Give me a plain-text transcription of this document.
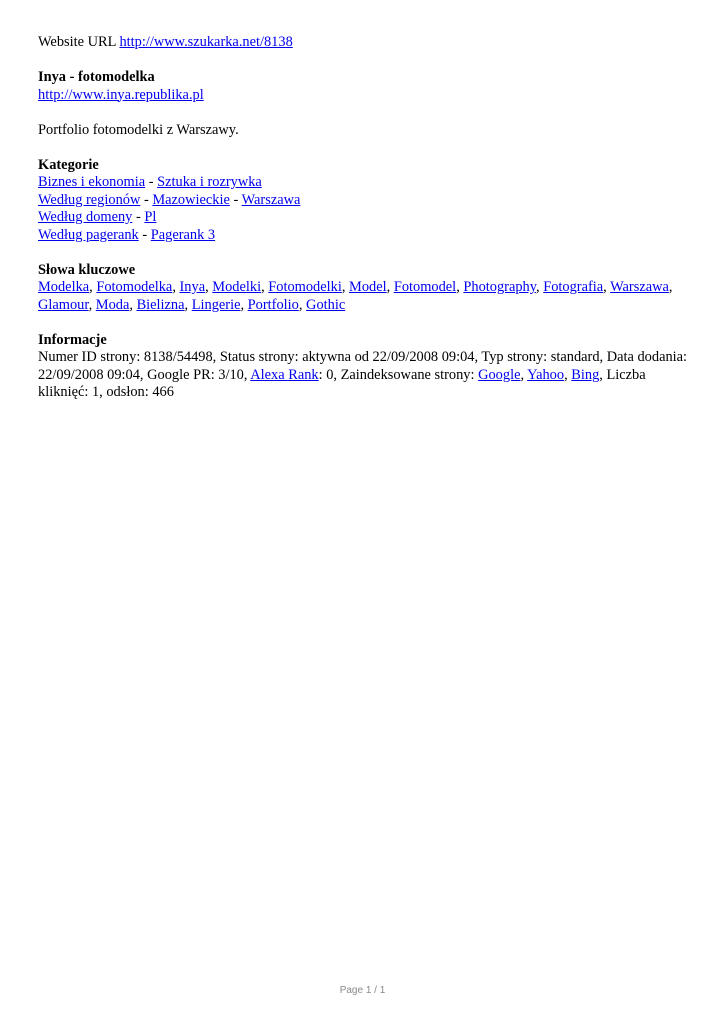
Website URL http://www.szukarka.net/8138

Inya - fotomodelka

http://www.inya.republika.pl

Portfolio fotomodelki z Warszawy.

Kategorie

Biznes i ekonomia - Sztuka i rozrywka

Według regionów - Mazowieckie - Warszawa

Według domeny - Pl

Według pagerank - Pagerank 3

Słowa kluczowe

Modelka, Fotomodelka, Inya, Modelki, Fotomodelki, Model, Fotomodel, Photography, Fotografia, Warszawa, Glamour, Moda, Bielizna, Lingerie, Portfolio, Gothic

Informacje

Numer ID strony: 8138/54498, Status strony: aktywna od 22/09/2008 09:04, Typ strony: standard, Data dodania: 22/09/2008 09:04, Google PR: 3/10, Alexa Rank: 0, Zaindeksowane strony: Google, Yahoo, Bing, Liczba kliknięć: 1, odsłon: 466

Page 1 / 1
